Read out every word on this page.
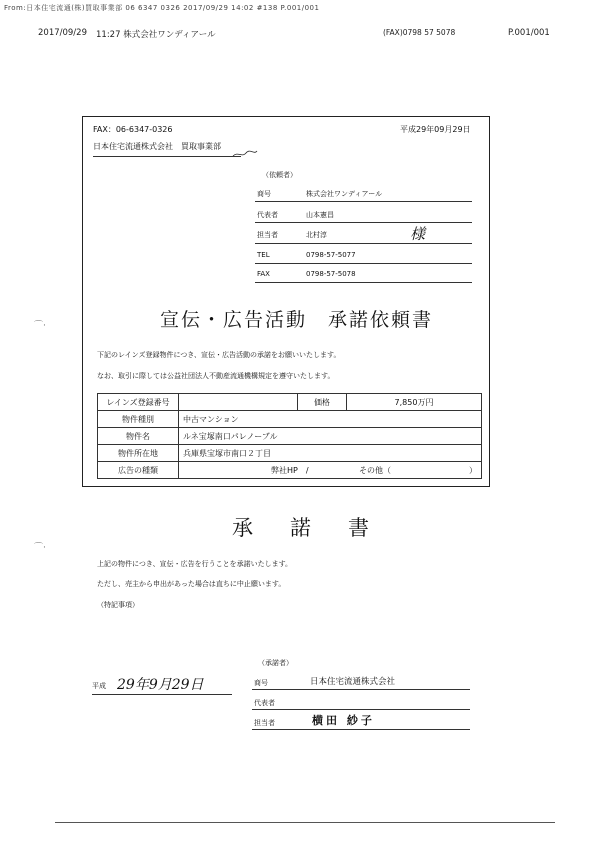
From:日本住宅流通(株)買取事業部 06 6347 0326 2017/09/29 14:02 #138 P.001/001
2017/09/29 11:27 株式会社ワンディアール	(FAX)0798 57 5078	P.001/001
FAX：06-6347-0326	平成29年09月29日
日本住宅流通株式会社　買取事業部
（依頼者）
商号	株式会社ワンディアール
代表者	山本憲昌
担当者	北村淳	様
TEL	0798-57-5077
FAX	0798-57-5078
宣伝・広告活動　承諾依頼書
下記のレインズ登録物件につき、宣伝・広告活動の承諾をお願いいたします。
なお、取引に際しては公益社団法人不動産流通機構規定を遵守いたします。
レインズ登録番号		価格	7,850万円
物件種別	中古マンション		
物件名	ルネ宝塚南口パレノーブル		
物件所在地	兵庫県宝塚市南口２丁目		
広告の種類	弊社HP　/ その他（ ）		
承　諾　書
上記の物件につき、宣伝・広告を行うことを承諾いたします。
ただし、売主から申出があった場合は直ちに中止願います。
（特記事項）
平成 29年9月29日
（承諾者）
商号	日本住宅流通株式会社
代表者
担当者	横田 紗子
⌒·
⌒·
